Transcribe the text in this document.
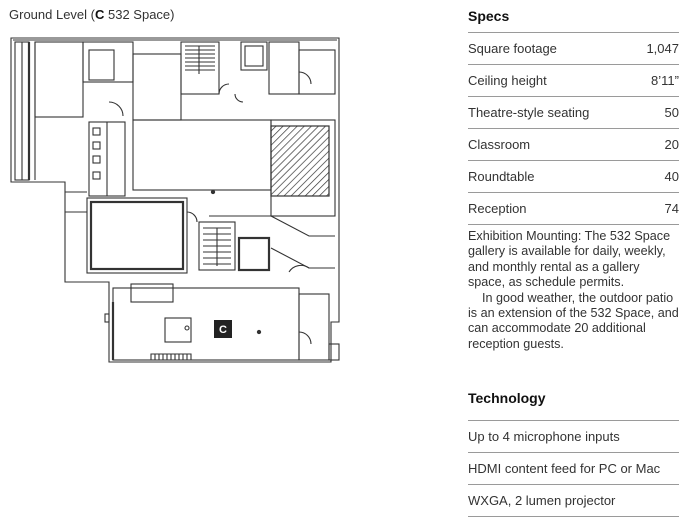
Ground Level (C 532 Space)
C
Specs
Square footage	1,047
Ceiling height	8’11”
Theatre-style seating	50
Classroom	20
Roundtable	40
Reception	74

Exhibition Mounting: The 532 Space gallery is available for daily, weekly, and monthly rental as a gallery space, as schedule permits.

In good weather, the outdoor patio is an extension of the 532 Space, and can accommodate 20 additional reception guests.

Technology
Up to 4 microphone inputs
HDMI content feed for PC or Mac
WXGA, 2 lumen projector
